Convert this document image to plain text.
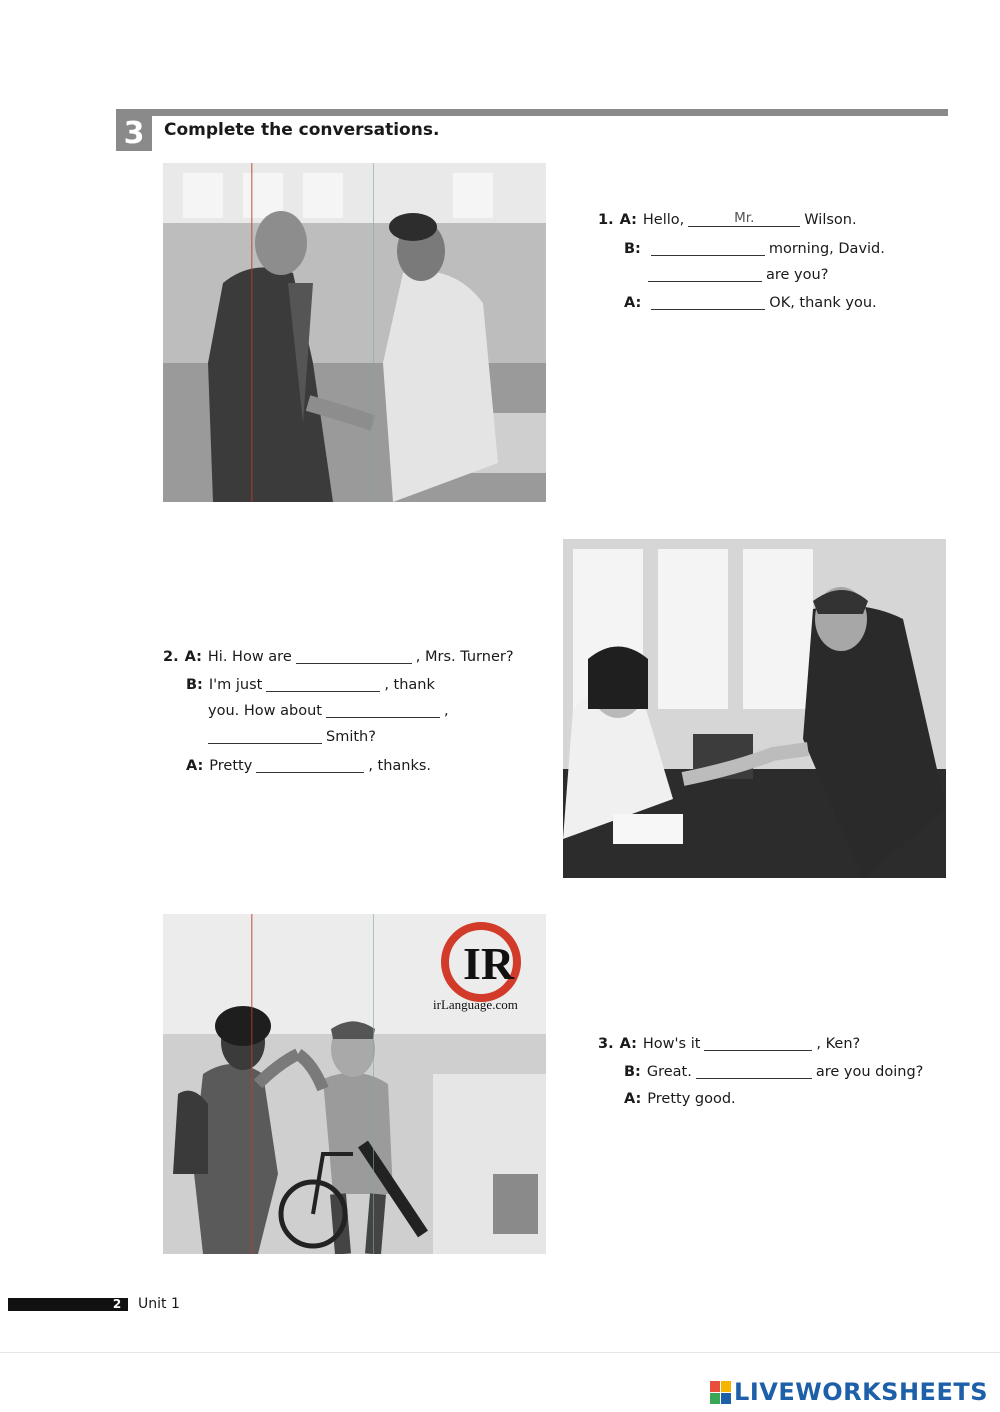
3	Complete the conversations.
IR
irLanguage.com
1. A: Hello,	Mr.	Wilson.
B:	morning, David.
are you?
A:	OK, thank you.
2. A: Hi. How are	, Mrs. Turner?
B: I'm just	, thank
you. How about	,
Smith?
A: Pretty	, thanks.
3. A: How's it	, Ken?
B: Great.	are you doing?
A: Pretty good.
2	Unit 1
LIVEWORKSHEETS
